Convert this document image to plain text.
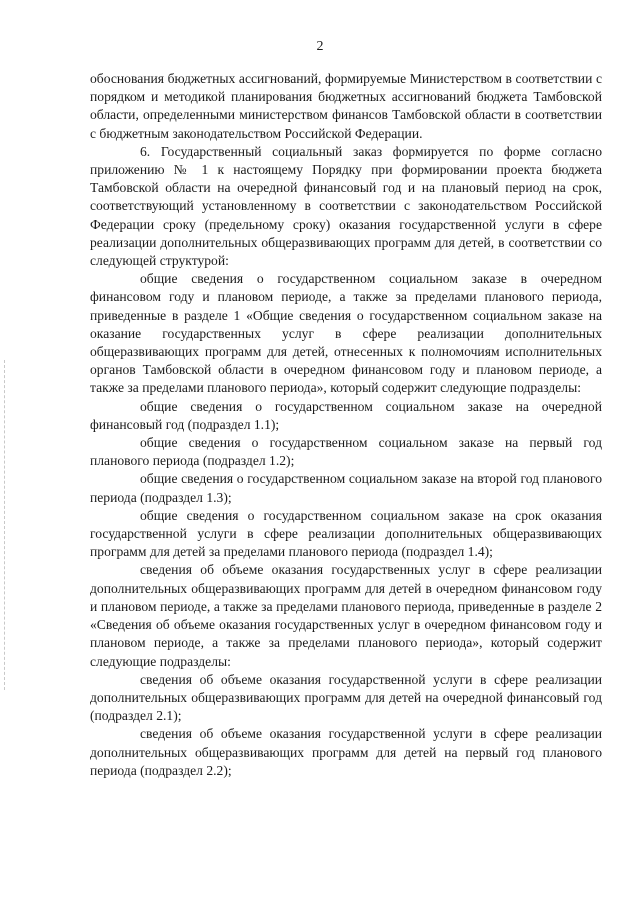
2

обоснования бюджетных ассигнований, формируемые Министерством в соответствии с порядком и методикой планирования бюджетных ассигнований бюджета Тамбовской области, определенными министерством финансов Тамбовской области в соответствии с бюджетным законодательством Российской Федерации.

6. Государственный социальный заказ формируется по форме согласно приложению № 1 к настоящему Порядку при формировании проекта бюджета Тамбовской области на очередной финансовый год и на плановый период на срок, соответствующий установленному в соответствии с законодательством Российской Федерации сроку (предельному сроку) оказания государственной услуги в сфере реализации дополнительных общеразвивающих программ для детей, в соответствии со следующей структурой:

общие сведения о государственном социальном заказе в очередном финансовом году и плановом периоде, а также за пределами планового периода, приведенные в разделе 1 «Общие сведения о государственном социальном заказе на оказание государственных услуг в сфере реализации дополнительных общеразвивающих программ для детей, отнесенных к полномочиям исполнительных органов Тамбовской области в очередном финансовом году и плановом периоде, а также за пределами планового периода», который содержит следующие подразделы:

общие сведения о государственном социальном заказе на очередной финансовый год (подраздел 1.1);

общие сведения о государственном социальном заказе на первый год планового периода (подраздел 1.2);

общие сведения о государственном социальном заказе на второй год планового периода (подраздел 1.3);

общие сведения о государственном социальном заказе на срок оказания государственной услуги в сфере реализации дополнительных общеразвивающих программ для детей за пределами планового периода (подраздел 1.4);

сведения об объеме оказания государственных услуг в сфере реализации дополнительных общеразвивающих программ для детей в очередном финансовом году и плановом периоде, а также за пределами планового периода, приведенные в разделе 2 «Сведения об объеме оказания государственных услуг в очередном финансовом году и плановом периоде, а также за пределами планового периода», который содержит следующие подразделы:

сведения об объеме оказания государственной услуги в сфере реализации дополнительных общеразвивающих программ для детей на очередной финансовый год (подраздел 2.1);

сведения об объеме оказания государственной услуги в сфере реализации дополнительных общеразвивающих программ для детей на первый год планового периода (подраздел 2.2);
